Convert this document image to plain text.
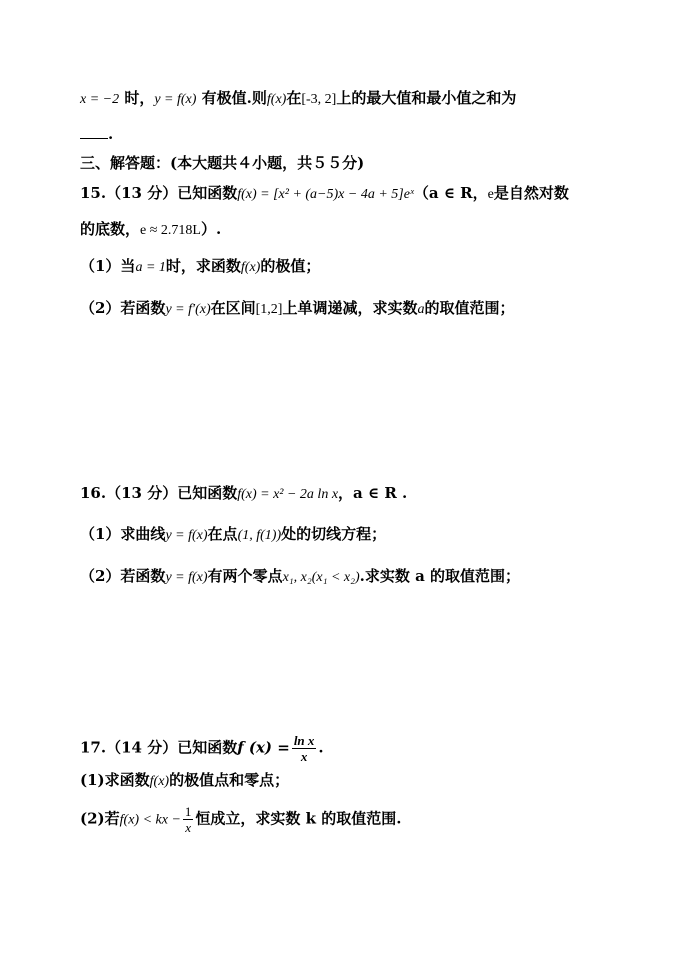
x = −2 时，y = f(x) 有极值.则f(x)在[-3, 2]上的最大值和最小值之和为
.
三、解答题：(本大题共４小题，共５５分)
15.（13 分）已知函数f(x) = [x² + (a−5)x − 4a + 5]eˣ（a ∈ R，e是自然对数
的底数，e ≈ 2.718L）.
（1）当a = 1时，求函数f(x)的极值；
（2）若函数y = f′(x)在区间[1,2]上单调递减，求实数a的取值范围；
16.（13 分）已知函数f(x) = x² − 2a ln x，a ∈ R .
（1）求曲线y = f(x)在点(1, f(1))处的切线方程；
（2）若函数y = f(x)有两个零点x₁, x₂(x₁ < x₂).求实数 a 的取值范围；
17.（14 分）已知函数f $(x) = \frac{\text{ln x}}{x}$ .
(1)求函数f(x)的极值点和零点；
(2)若f(x) < kx − $\frac{1}{x}$ 恒成立，求实数 k 的取值范围.
